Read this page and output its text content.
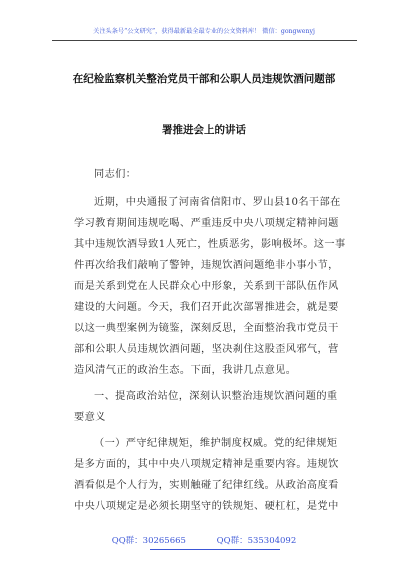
关注头条号“公文研究”，获得最新最全最专业的公文资料库！ 微信：gongwenyj
在纪检监察机关整治党员干部和公职人员违规饮酒问题部
署推进会上的讲话
同志们：
近期，中央通报了河南省信阳市、罗山县10名干部在
学习教育期间违规吃喝、严重违反中央八项规定精神问题
其中违规饮酒导致1人死亡，性质恶劣，影响极坏。这一事
件再次给我们敲响了警钟，违规饮酒问题绝非小事小节，
而是关系到党在人民群众心中形象，关系到干部队伍作风
建设的大问题。今天，我们召开此次部署推进会，就是要
以这一典型案例为镜鉴，深刻反思，全面整治我市党员干
部和公职人员违规饮酒问题，坚决刹住这股歪风邪气，营
造风清气正的政治生态。下面，我讲几点意见。
一、提高政治站位，深刻认识整治违规饮酒问题的重
要意义
（一）严守纪律规矩，维护制度权威。党的纪律规矩
是多方面的，其中中央八项规定精神是重要内容。违规饮
酒看似是个人行为，实则触碰了纪律红线。从政治高度看
中央八项规定是必须长期坚守的铁规矩、硬杠杠，是党中
QQ群：30265665	QQ群：535304092
